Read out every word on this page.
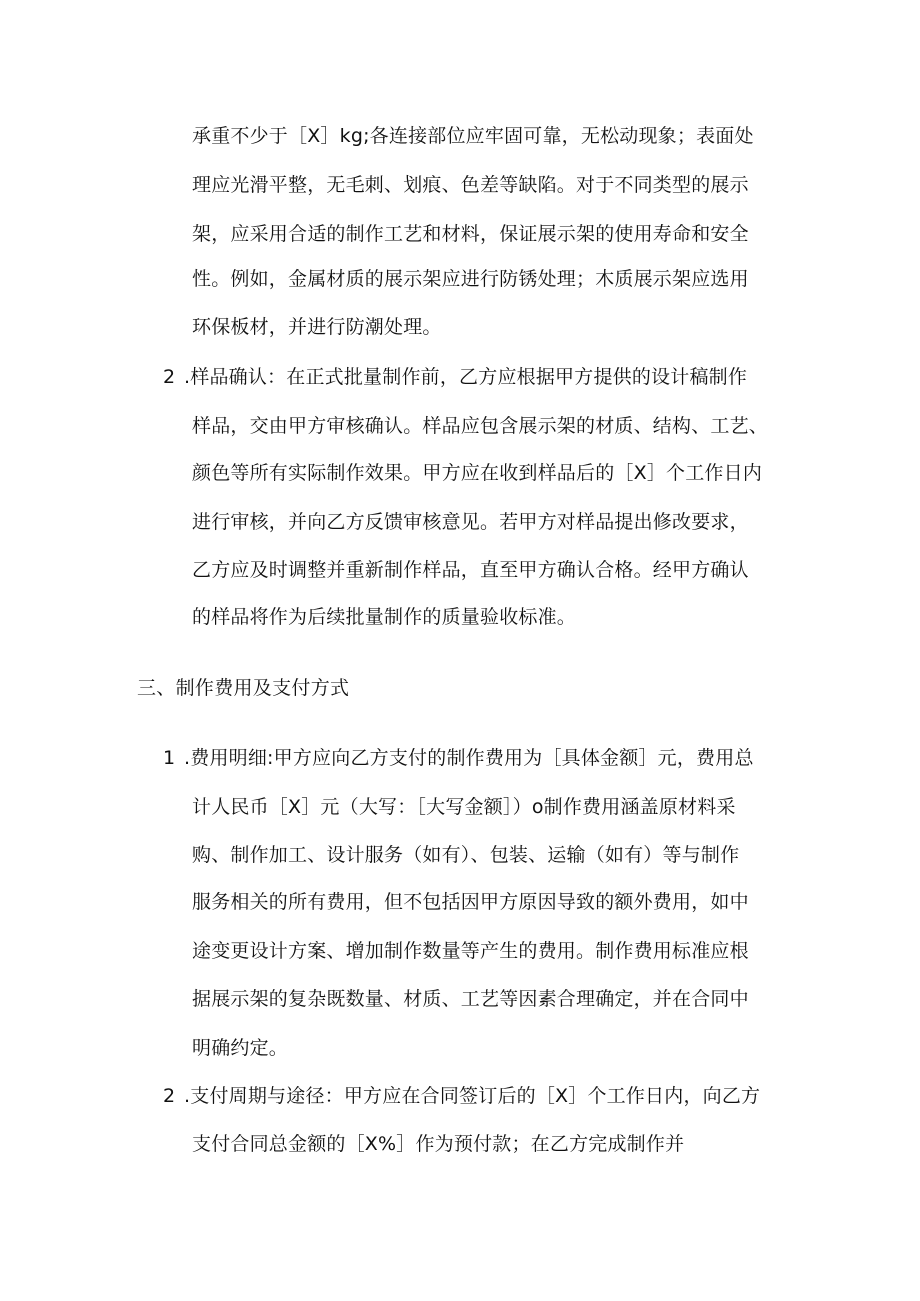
承重不少于［X］kg;各连接部位应牢固可靠，无松动现象；表面处
理应光滑平整，无毛刺、划痕、色差等缺陷。对于不同类型的展示
架，应采用合适的制作工艺和材料，保证展示架的使用寿命和安全
性。例如，金属材质的展示架应进行防锈处理；木质展示架应选用
环保板材，并进行防潮处理。
2 .样品确认：在正式批量制作前，乙方应根据甲方提供的设计稿制作
样品，交由甲方审核确认。样品应包含展示架的材质、结构、工艺、
颜色等所有实际制作效果。甲方应在收到样品后的［X］个工作日内
进行审核，并向乙方反馈审核意见。若甲方对样品提出修改要求，
乙方应及时调整并重新制作样品，直至甲方确认合格。经甲方确认
的样品将作为后续批量制作的质量验收标准。
三、制作费用及支付方式
1 .费用明细:甲方应向乙方支付的制作费用为［具体金额］元，费用总
计人民币［X］元（大写：［大写金额］）o制作费用涵盖原材料采
购、制作加工、设计服务（如有）、包装、运输（如有）等与制作
服务相关的所有费用，但不包括因甲方原因导致的额外费用，如中
途变更设计方案、增加制作数量等产生的费用。制作费用标准应根
据展示架的复杂既数量、材质、工艺等因素合理确定，并在合同中
明确约定。
2 .支付周期与途径：甲方应在合同签订后的［X］个工作日内，向乙方
支付合同总金额的［X%］作为预付款；在乙方完成制作并
